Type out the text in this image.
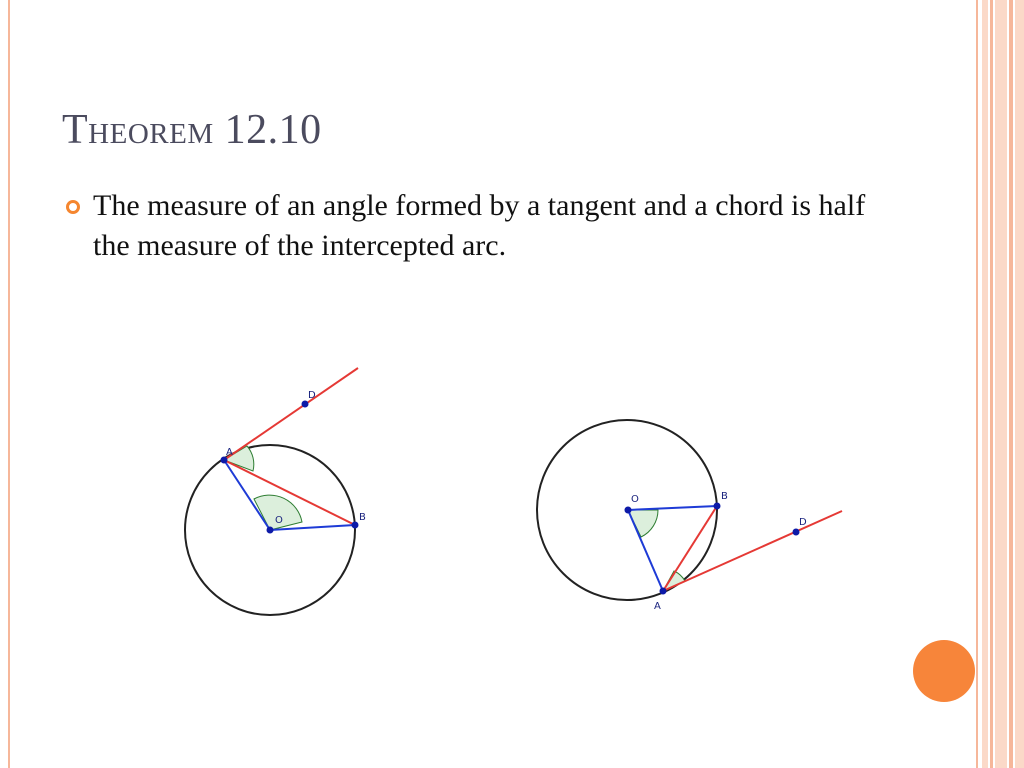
Theorem 12.10
The measure of an angle formed by a tangent and a chord is half the measure of the intercepted arc.
A
B
O
D
A
B
O
D
